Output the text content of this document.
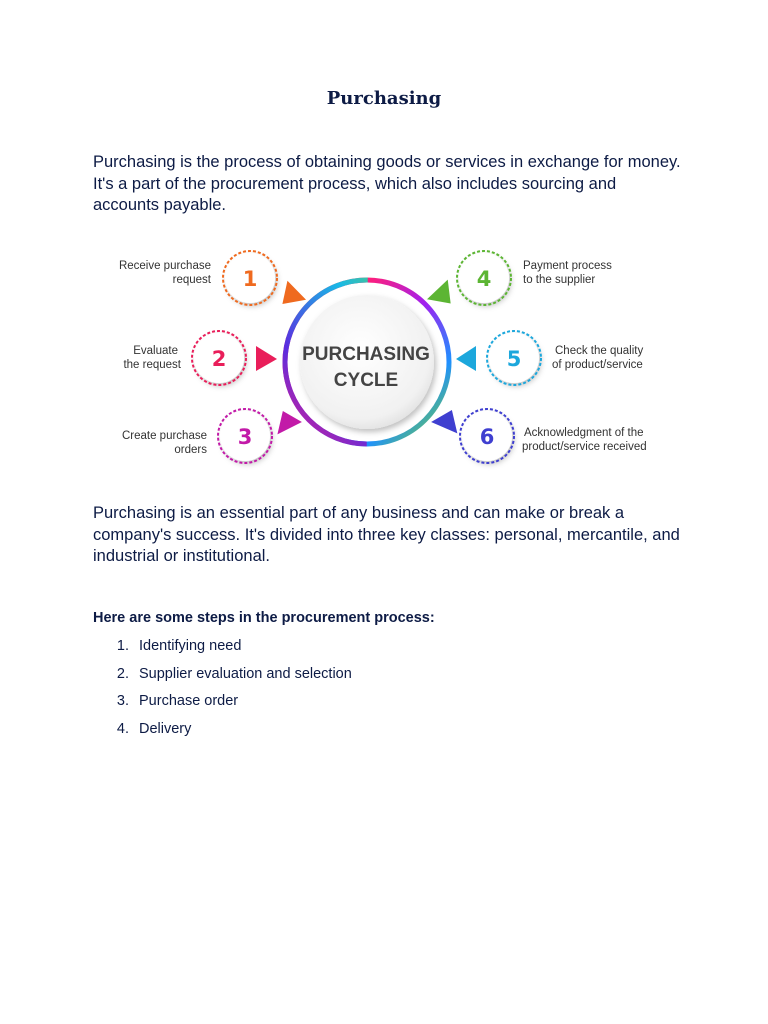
Purchasing

Purchasing is the process of obtaining goods or services in exchange for money. It's a part of the procurement process, which also includes sourcing and accounts payable.

PURCHASING
CYCLE
1
2
3
4
5
6
Receive purchase
request
Evaluate
the request
Create purchase
orders
Payment process
to the supplier
Check the quality
of product/service
Acknowledgment of the
product/service received

Purchasing is an essential part of any business and can make or break a company's success. It's divided into three key classes: personal, mercantile, and industrial or institutional.

Here are some steps in the procurement process:
1. Identifying need
2. Supplier evaluation and selection
3. Purchase order
4. Delivery
